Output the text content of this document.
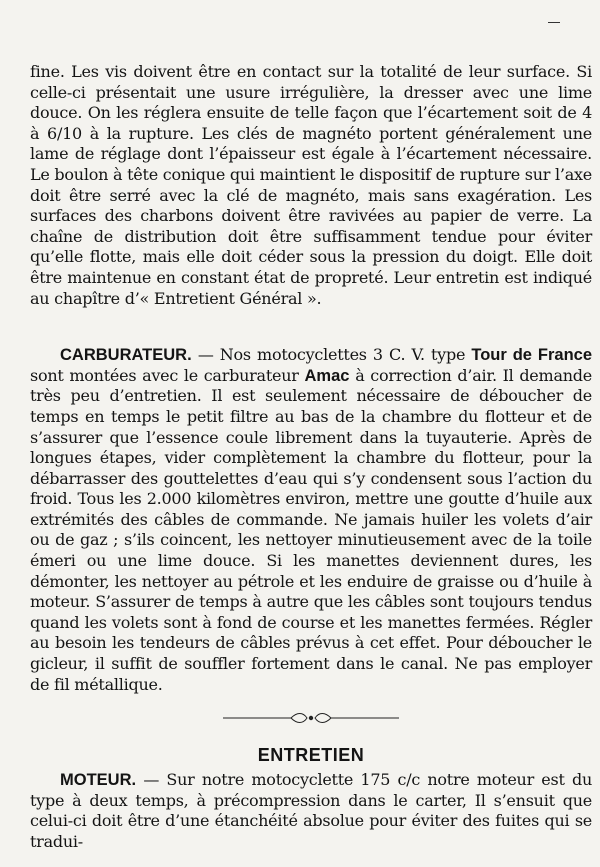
fine. Les vis doivent être en contact sur la totalité de leur surface. Si celle-ci présentait une usure irrégulière, la dresser avec une lime douce. On les réglera ensuite de telle façon que l’écartement soit de 4 à 6/10 à la rupture. Les clés de magnéto portent généralement une lame de réglage dont l’épaisseur est égale à l’écartement nécessaire. Le boulon à tête conique qui maintient le dispositif de rupture sur l’axe doit être serré avec la clé de magnéto, mais sans exagération. Les surfaces des charbons doivent être ravivées au papier de verre. La chaîne de distribution doit être suffisamment tendue pour éviter qu’elle flotte, mais elle doit céder sous la pression du doigt. Elle doit être maintenue en constant état de propreté. Leur entretin est indiqué au chapître d’« Entretient Général ».

CARBURATEUR. — Nos motocyclettes 3 C. V. type Tour de France sont montées avec le carburateur Amac à correction d’air. Il demande très peu d’entretien. Il est seulement nécessaire de déboucher de temps en temps le petit filtre au bas de la chambre du flotteur et de s’assurer que l’essence coule librement dans la tuyauterie. Après de longues étapes, vider complètement la chambre du flotteur, pour la débarrasser des gouttelettes d’eau qui s’y condensent sous l’action du froid. Tous les 2.000 kilomètres environ, mettre une goutte d’huile aux extrémités des câbles de commande. Ne jamais huiler les volets d’air ou de gaz ; s’ils coincent, les nettoyer minutieusement avec de la toile émeri ou une lime douce. Si les manettes deviennent dures, les démonter, les nettoyer au pétrole et les enduire de graisse ou d’huile à moteur. S’assurer de temps à autre que les câbles sont toujours tendus quand les volets sont à fond de course et les manettes fermées. Régler au besoin les tendeurs de câbles prévus à cet effet. Pour déboucher le gicleur, il suffit de souffler fortement dans le canal. Ne pas employer de fil métallique.

ENTRETIEN

MOTEUR. — Sur notre motocyclette 175 c/c notre moteur est du type à deux temps, à précompression dans le carter, Il s’ensuit que celui-ci doit être d’une étanchéité absolue pour éviter des fuites qui se tradui-
